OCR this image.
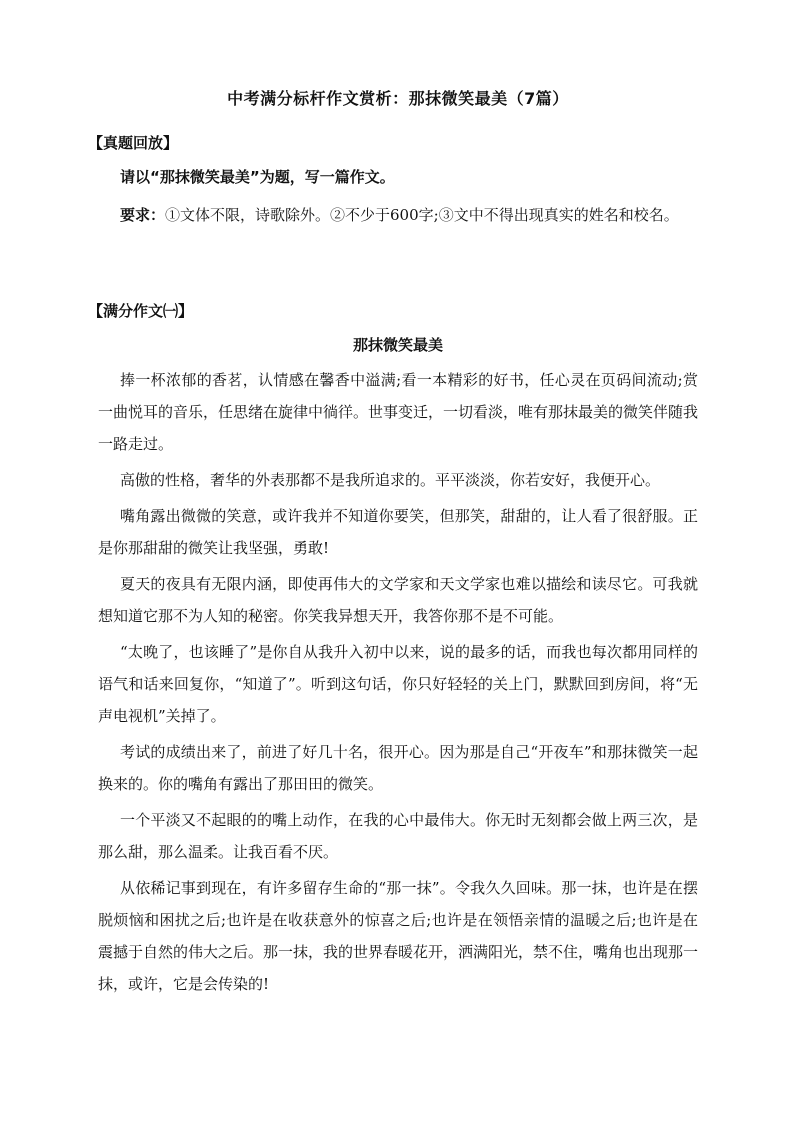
中考满分标杆作文赏析：那抹微笑最美（7篇）
【真题回放】
请以“那抹微笑最美”为题，写一篇作文。
要求：①文体不限，诗歌除外。②不少于600字;③文中不得出现真实的姓名和校名。
【满分作文㈠】
那抹微笑最美

捧一杯浓郁的香茗，认情感在馨香中溢满;看一本精彩的好书，任心灵在页码间流动;赏一曲悦耳的音乐，任思绪在旋律中徜徉。世事变迁，一切看淡，唯有那抹最美的微笑伴随我一路走过。

高傲的性格，奢华的外表那都不是我所追求的。平平淡淡，你若安好，我便开心。

嘴角露出微微的笑意，或许我并不知道你要笑，但那笑，甜甜的，让人看了很舒服。正是你那甜甜的微笑让我坚强，勇敢!

夏天的夜具有无限内涵，即使再伟大的文学家和天文学家也难以描绘和读尽它。可我就想知道它那不为人知的秘密。你笑我异想天开，我答你那不是不可能。

“太晚了，也该睡了”是你自从我升入初中以来，说的最多的话，而我也每次都用同样的语气和话来回复你，“知道了”。听到这句话，你只好轻轻的关上门，默默回到房间，将“无声电视机”关掉了。

考试的成绩出来了，前进了好几十名，很开心。因为那是自己“开夜车”和那抹微笑一起换来的。你的嘴角有露出了那田田的微笑。

一个平淡又不起眼的的嘴上动作，在我的心中最伟大。你无时无刻都会做上两三次，是那么甜，那么温柔。让我百看不厌。

从依稀记事到现在，有许多留存生命的“那一抹”。令我久久回味。那一抹，也许是在摆脱烦恼和困扰之后;也许是在收获意外的惊喜之后;也许是在领悟亲情的温暖之后;也许是在震撼于自然的伟大之后。那一抹，我的世界春暖花开，洒满阳光，禁不住，嘴角也出现那一抹，或许，它是会传染的!
